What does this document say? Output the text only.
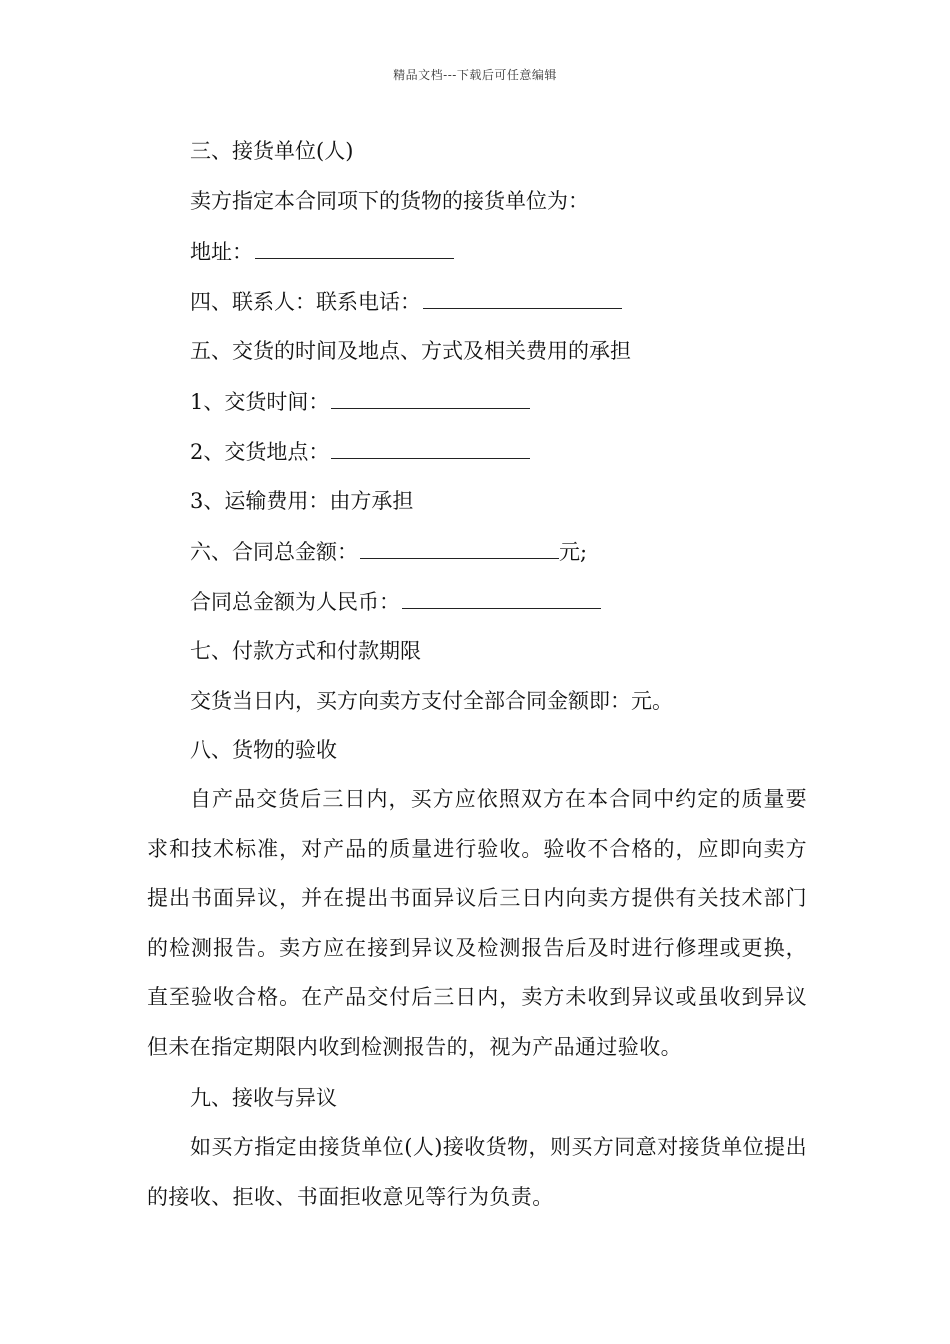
精品文档---下载后可任意编辑
三、接货单位(人)
卖方指定本合同项下的货物的接货单位为：
地址：
四、联系人：联系电话：
五、交货的时间及地点、方式及相关费用的承担
1、交货时间：
2、交货地点：
3、运输费用：由方承担
六、合同总金额：	元;
合同总金额为人民币：
七、付款方式和付款期限
交货当日内，买方向卖方支付全部合同金额即：元。
八、货物的验收
自产品交货后三日内，买方应依照双方在本合同中约定的质量要求和技术标准，对产品的质量进行验收。验收不合格的，应即向卖方提出书面异议，并在提出书面异议后三日内向卖方提供有关技术部门的检测报告。卖方应在接到异议及检测报告后及时进行修理或更换，直至验收合格。在产品交付后三日内，卖方未收到异议或虽收到异议但未在指定期限内收到检测报告的，视为产品通过验收。
九、接收与异议
如买方指定由接货单位(人)接收货物，则买方同意对接货单位提出的接收、拒收、书面拒收意见等行为负责。
